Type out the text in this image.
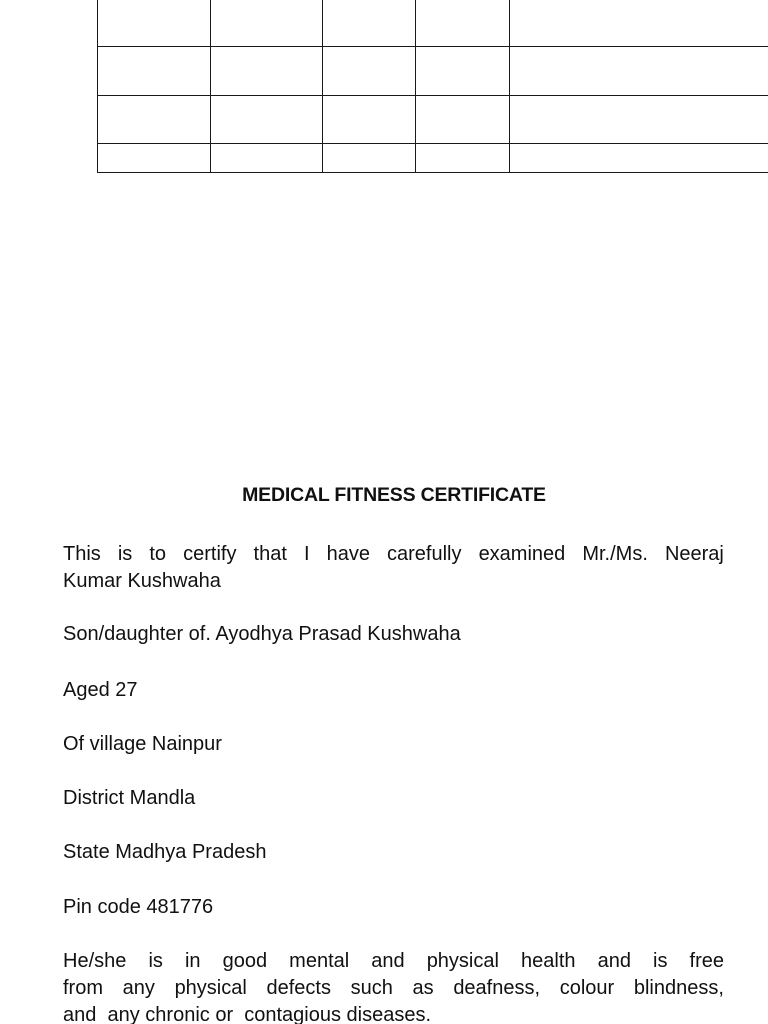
MEDICAL FITNESS CERTIFICATE
This is to certify that I have carefully examined Mr./Ms. Neeraj
Kumar Kushwaha
Son/daughter of. Ayodhya Prasad Kushwaha
Aged 27
Of village Nainpur
District Mandla
State Madhya Pradesh
Pin code 481776
He/she is in good mental and physical health and is free
from any physical defects such as deafness, colour blindness,
and  any chronic or  contagious diseases.
